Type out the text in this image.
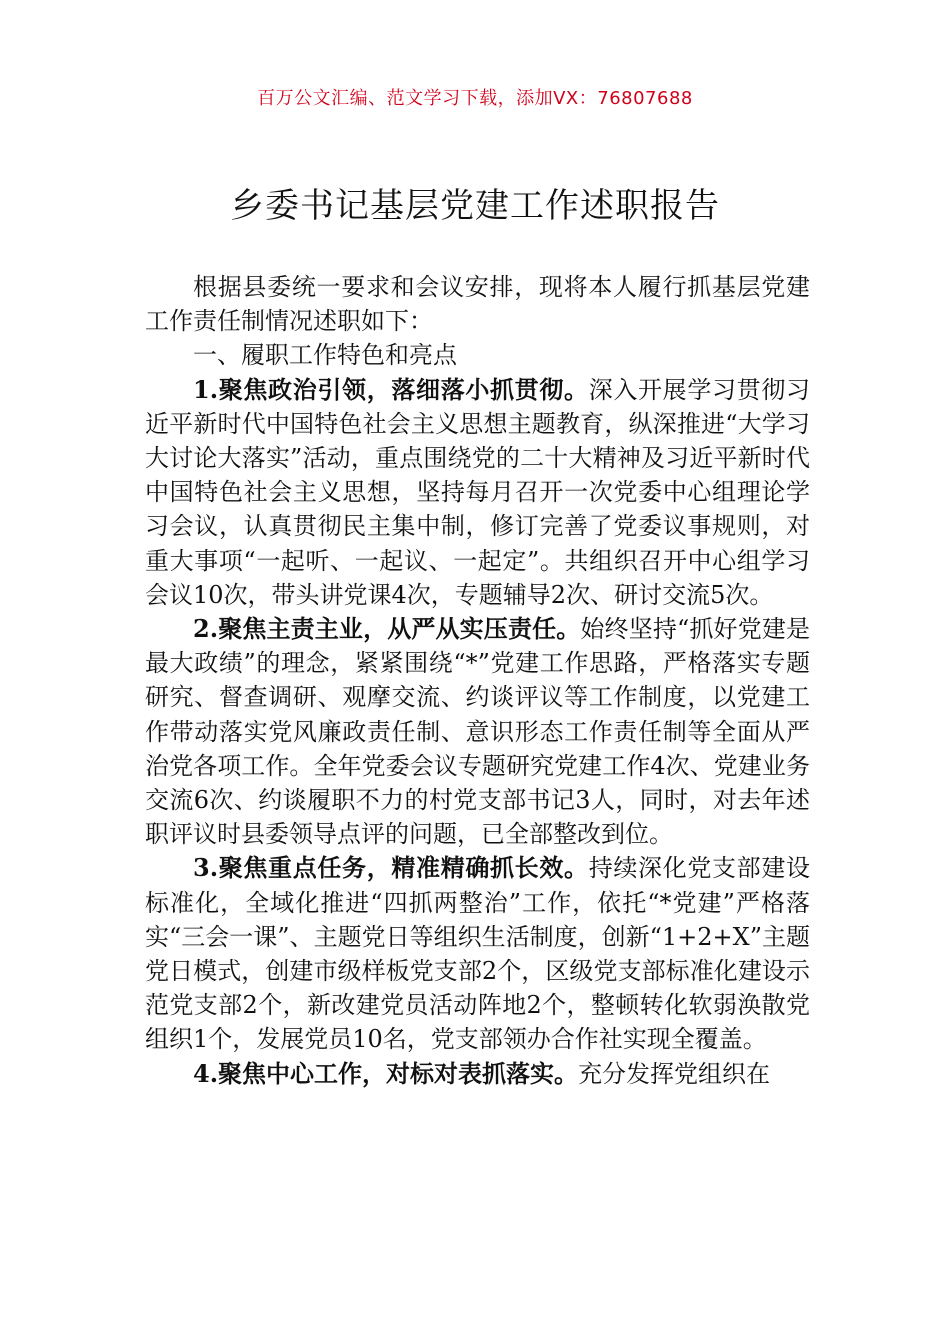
百万公文汇编、范文学习下载，添加VX：76807688
乡委书记基层党建工作述职报告

根据县委统一要求和会议安排，现将本人履行抓基层党建工作责任制情况述职如下：

一、履职工作特色和亮点

1.聚焦政治引领，落细落小抓贯彻。深入开展学习贯彻习近平新时代中国特色社会主义思想主题教育，纵深推进“大学习大讨论大落实”活动，重点围绕党的二十大精神及习近平新时代中国特色社会主义思想，坚持每月召开一次党委中心组理论学习会议，认真贯彻民主集中制，修订完善了党委议事规则，对重大事项“一起听、一起议、一起定”。共组织召开中心组学习会议10次，带头讲党课4次，专题辅导2次、研讨交流5次。

2.聚焦主责主业，从严从实压责任。始终坚持“抓好党建是最大政绩”的理念，紧紧围绕“*”党建工作思路，严格落实专题研究、督查调研、观摩交流、约谈评议等工作制度，以党建工作带动落实党风廉政责任制、意识形态工作责任制等全面从严治党各项工作。全年党委会议专题研究党建工作4次、党建业务交流6次、约谈履职不力的村党支部书记3人，同时，对去年述职评议时县委领导点评的问题，已全部整改到位。

3.聚焦重点任务，精准精确抓长效。持续深化党支部建设标准化，全域化推进“四抓两整治”工作，依托“*党建”严格落实“三会一课”、主题党日等组织生活制度，创新“1+2+X”主题党日模式，创建市级样板党支部2个，区级党支部标准化建设示范党支部2个，新改建党员活动阵地2个，整顿转化软弱涣散党组织1个，发展党员10名，党支部领办合作社实现全覆盖。

4.聚焦中心工作，对标对表抓落实。充分发挥党组织在
